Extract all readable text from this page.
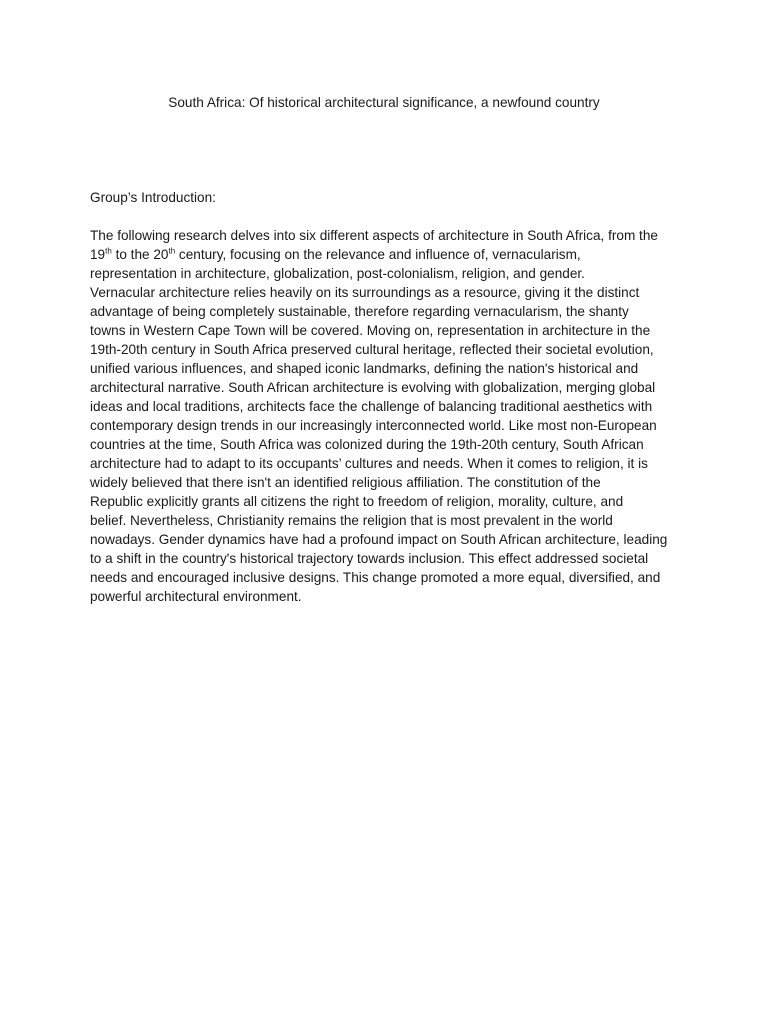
South Africa: Of historical architectural significance, a newfound country

Group’s Introduction:

The following research delves into six different aspects of architecture in South Africa, from the
19th to the 20th century, focusing on the relevance and influence of, vernacularism,
representation in architecture, globalization, post-colonialism, religion, and gender.
Vernacular architecture relies heavily on its surroundings as a resource, giving it the distinct
advantage of being completely sustainable, therefore regarding vernacularism, the shanty
towns in Western Cape Town will be covered. Moving on, representation in architecture in the
19th-20th century in South Africa preserved cultural heritage, reflected their societal evolution,
unified various influences, and shaped iconic landmarks, defining the nation's historical and
architectural narrative. South African architecture is evolving with globalization, merging global
ideas and local traditions, architects face the challenge of balancing traditional aesthetics with
contemporary design trends in our increasingly interconnected world. Like most non-European
countries at the time, South Africa was colonized during the 19th-20th century, South African
architecture had to adapt to its occupants’ cultures and needs. When it comes to religion, it is
widely believed that there isn't an identified religious affiliation. The constitution of the
Republic explicitly grants all citizens the right to freedom of religion, morality, culture, and
belief. Nevertheless, Christianity remains the religion that is most prevalent in the world
nowadays. Gender dynamics have had a profound impact on South African architecture, leading
to a shift in the country's historical trajectory towards inclusion. This effect addressed societal
needs and encouraged inclusive designs. This change promoted a more equal, diversified, and
powerful architectural environment.
